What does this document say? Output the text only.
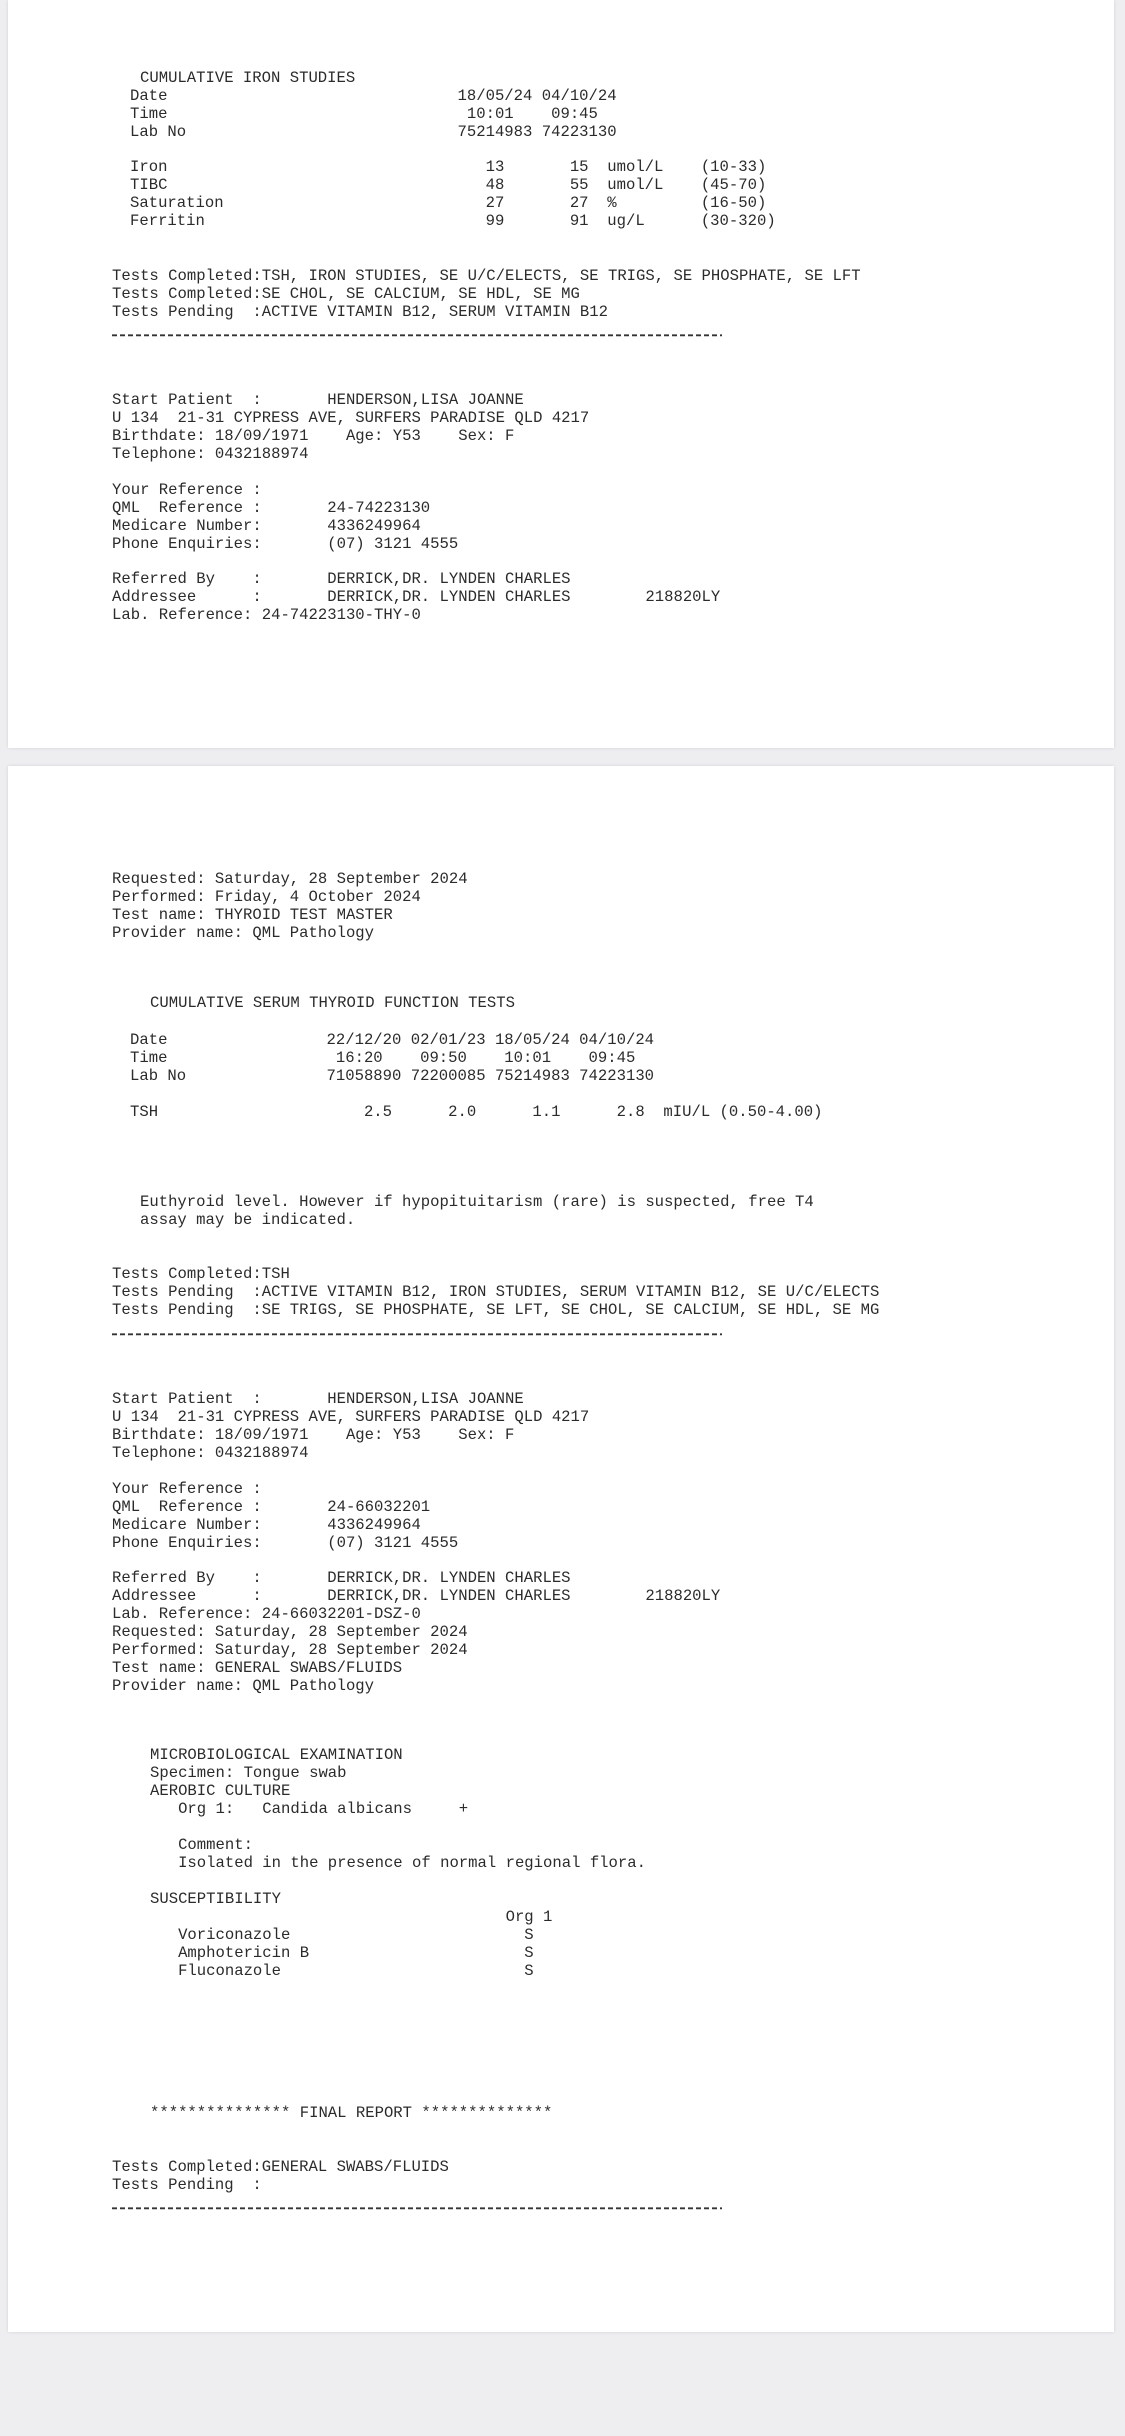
CUMULATIVE IRON STUDIES
Date                               18/05/24 04/10/24
Time                                10:01    09:45
Lab No                             75214983 74223130
Iron                                  13       15  umol/L    (10-33)
TIBC                                  48       55  umol/L    (45-70)
Saturation                            27       27  %         (16-50)
Ferritin                              99       91  ug/L      (30-320)
Tests Completed:TSH, IRON STUDIES, SE U/C/ELECTS, SE TRIGS, SE PHOSPHATE, SE LFT
Tests Completed:SE CHOL, SE CALCIUM, SE HDL, SE MG
Tests Pending  :ACTIVE VITAMIN B12, SERUM VITAMIN B12
Start Patient  :       HENDERSON,LISA JOANNE
U 134  21-31 CYPRESS AVE, SURFERS PARADISE QLD 4217
Birthdate: 18/09/1971    Age: Y53    Sex: F
Telephone: 0432188974
Your Reference :
QML  Reference :       24-74223130
Medicare Number:       4336249964
Phone Enquiries:       (07) 3121 4555
Referred By    :       DERRICK,DR. LYNDEN CHARLES
Addressee      :       DERRICK,DR. LYNDEN CHARLES        218820LY
Lab. Reference: 24-74223130-THY-0
Requested: Saturday, 28 September 2024
Performed: Friday, 4 October 2024
Test name: THYROID TEST MASTER
Provider name: QML Pathology
CUMULATIVE SERUM THYROID FUNCTION TESTS
Date                 22/12/20 02/01/23 18/05/24 04/10/24
Time                  16:20    09:50    10:01    09:45
Lab No               71058890 72200085 75214983 74223130
TSH                      2.5      2.0      1.1      2.8  mIU/L (0.50-4.00)
Euthyroid level. However if hypopituitarism (rare) is suspected, free T4
assay may be indicated.
Tests Completed:TSH
Tests Pending  :ACTIVE VITAMIN B12, IRON STUDIES, SERUM VITAMIN B12, SE U/C/ELECTS
Tests Pending  :SE TRIGS, SE PHOSPHATE, SE LFT, SE CHOL, SE CALCIUM, SE HDL, SE MG
Start Patient  :       HENDERSON,LISA JOANNE
U 134  21-31 CYPRESS AVE, SURFERS PARADISE QLD 4217
Birthdate: 18/09/1971    Age: Y53    Sex: F
Telephone: 0432188974
Your Reference :
QML  Reference :       24-66032201
Medicare Number:       4336249964
Phone Enquiries:       (07) 3121 4555
Referred By    :       DERRICK,DR. LYNDEN CHARLES
Addressee      :       DERRICK,DR. LYNDEN CHARLES        218820LY
Lab. Reference: 24-66032201-DSZ-0
Requested: Saturday, 28 September 2024
Performed: Saturday, 28 September 2024
Test name: GENERAL SWABS/FLUIDS
Provider name: QML Pathology
MICROBIOLOGICAL EXAMINATION
Specimen: Tongue swab
AEROBIC CULTURE
Org 1:   Candida albicans     +
Comment:
Isolated in the presence of normal regional flora.
SUSCEPTIBILITY
Org 1
Voriconazole                         S
Amphotericin B                       S
Fluconazole                          S
*************** FINAL REPORT **************
Tests Completed:GENERAL SWABS/FLUIDS
Tests Pending  :
